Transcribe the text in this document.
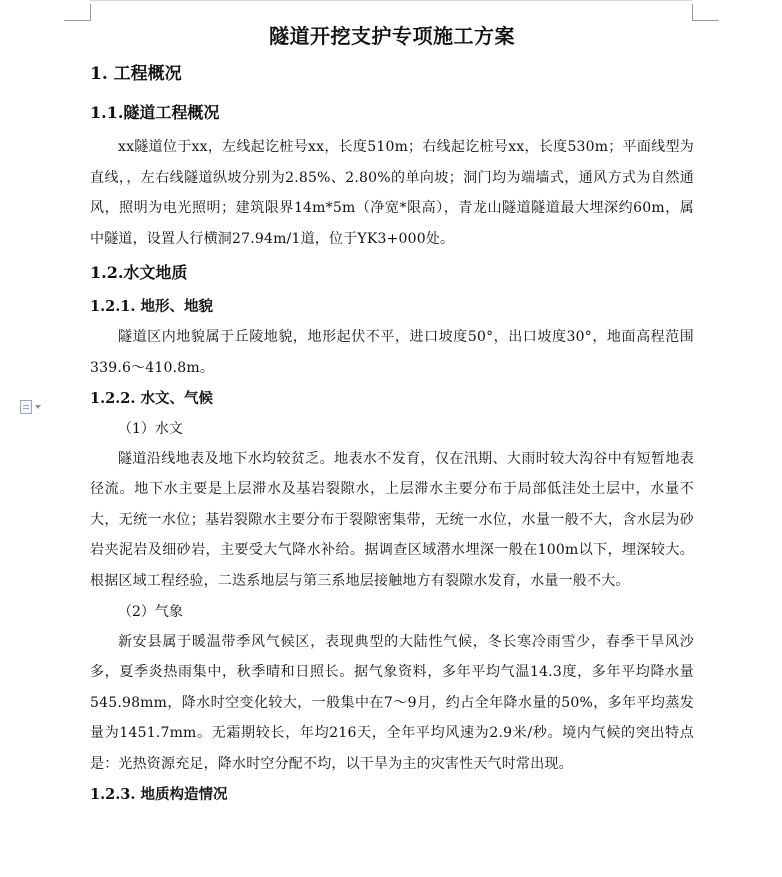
隧道开挖支护专项施工方案
1. 工程概况
1.1.隧道工程概况

xx隧道位于xx，左线起讫桩号xx，长度510m；右线起讫桩号xx，长度530m；平面线型为直线，，左右线隧道纵坡分别为2.85%、2.80%的单向坡；洞门均为端墙式，通风方式为自然通风，照明为电光照明；建筑限界14m*5m（净宽*限高），青龙山隧道隧道最大埋深约60m，属中隧道，设置人行横洞27.94m/1道，位于YK3+000处。

1.2.水文地质
1.2.1. 地形、地貌

隧道区内地貌属于丘陵地貌，地形起伏不平，进口坡度50°，出口坡度30°，地面高程范围339.6～410.8m。

1.2.2. 水文、气候
（1）水文

隧道沿线地表及地下水均较贫乏。地表水不发育，仅在汛期、大雨时较大沟谷中有短暂地表径流。地下水主要是上层滞水及基岩裂隙水，上层滞水主要分布于局部低洼处土层中，水量不大，无统一水位；基岩裂隙水主要分布于裂隙密集带，无统一水位，水量一般不大，含水层为砂岩夹泥岩及细砂岩，主要受大气降水补给。据调查区域潜水埋深一般在100m以下，埋深较大。根据区域工程经验，二迭系地层与第三系地层接触地方有裂隙水发育，水量一般不大。

（2）气象

新安县属于暖温带季风气候区，表现典型的大陆性气候，冬长寒冷雨雪少，春季干旱风沙多，夏季炎热雨集中，秋季晴和日照长。据气象资料，多年平均气温14.3度，多年平均降水量545.98mm，降水时空变化较大，一般集中在7～9月，约占全年降水量的50%，多年平均蒸发量为1451.7mm。无霜期较长，年均216天，全年平均风速为2.9米/秒。境内气候的突出特点是：光热资源充足，降水时空分配不均，以干旱为主的灾害性天气时常出现。

1.2.3. 地质构造情况
